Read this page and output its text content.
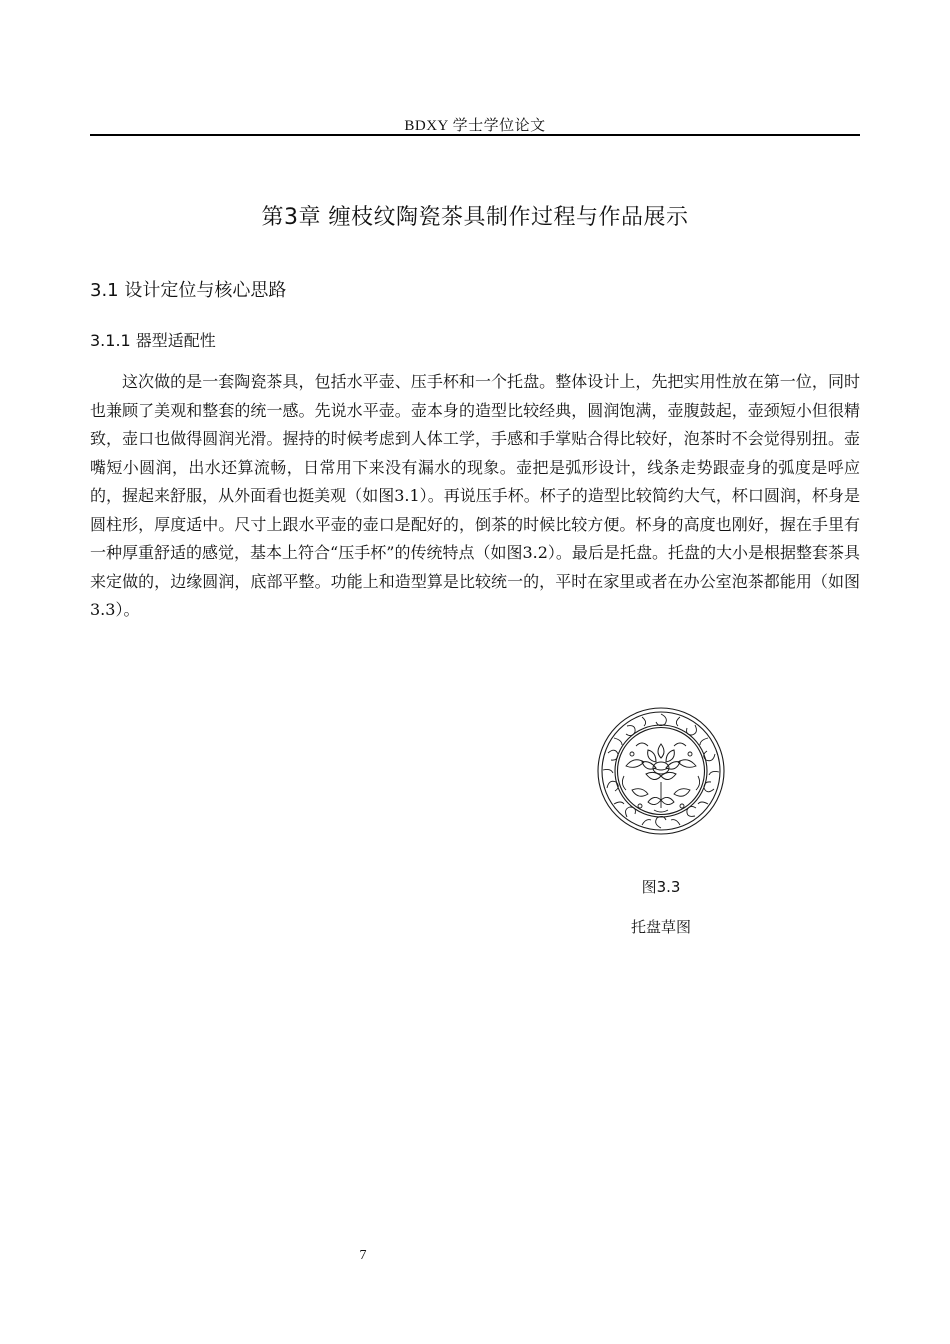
BDXY 学士学位论文
第3章 缠枝纹陶瓷茶具制作过程与作品展示
3.1 设计定位与核心思路
3.1.1 器型适配性

这次做的是一套陶瓷茶具，包括水平壶、压手杯和一个托盘。整体设计上，先把实用性放在第一位，同时也兼顾了美观和整套的统一感。先说水平壶。壶本身的造型比较经典，圆润饱满，壶腹鼓起，壶颈短小但很精致，壶口也做得圆润光滑。握持的时候考虑到人体工学，手感和手掌贴合得比较好，泡茶时不会觉得别扭。壶嘴短小圆润，出水还算流畅，日常用下来没有漏水的现象。壶把是弧形设计，线条走势跟壶身的弧度是呼应的，握起来舒服，从外面看也挺美观（如图3.1）。再说压手杯。杯子的造型比较简约大气，杯口圆润，杯身是圆柱形，厚度适中。尺寸上跟水平壶的壶口是配好的，倒茶的时候比较方便。杯身的高度也刚好，握在手里有一种厚重舒适的感觉，基本上符合“压手杯”的传统特点（如图3.2）。最后是托盘。托盘的大小是根据整套茶具来定做的，边缘圆润，底部平整。功能上和造型算是比较统一的，平时在家里或者在办公室泡茶都能用（如图3.3）。

图3.3
托盘草图
7
